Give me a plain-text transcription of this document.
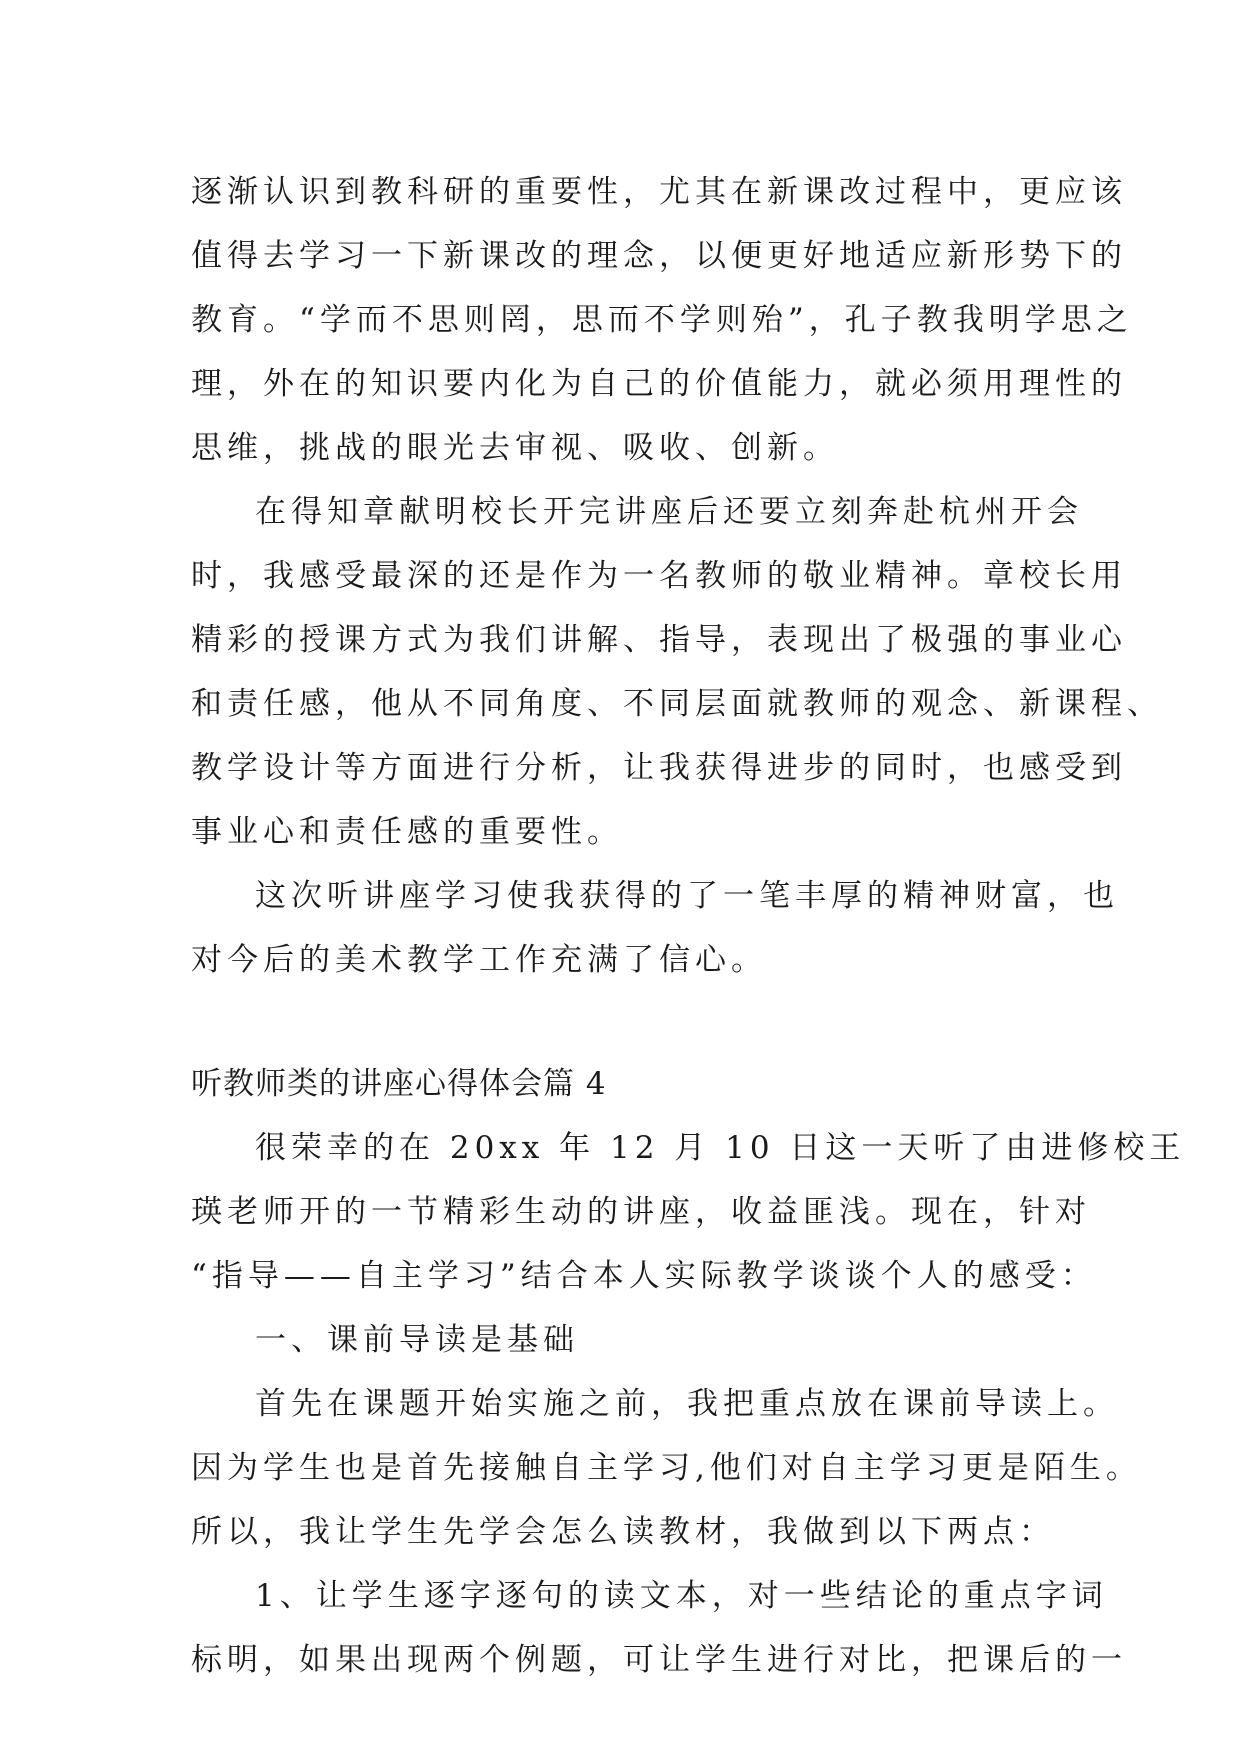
逐渐认识到教科研的重要性，尤其在新课改过程中，更应该
值得去学习一下新课改的理念，以便更好地适应新形势下的
教育。“学而不思则罔，思而不学则殆”，孔子教我明学思之
理，外在的知识要内化为自己的价值能力，就必须用理性的
思维，挑战的眼光去审视、吸收、创新。
在得知章献明校长开完讲座后还要立刻奔赴杭州开会
时，我感受最深的还是作为一名教师的敬业精神。章校长用
精彩的授课方式为我们讲解、指导，表现出了极强的事业心
和责任感，他从不同角度、不同层面就教师的观念、新课程、
教学设计等方面进行分析，让我获得进步的同时，也感受到
事业心和责任感的重要性。
这次听讲座学习使我获得的了一笔丰厚的精神财富，也
对今后的美术教学工作充满了信心。
听教师类的讲座心得体会篇 4
很荣幸的在 20xx 年 12 月 10 日这一天听了由进修校王
瑛老师开的一节精彩生动的讲座，收益匪浅。现在，针对
“指导——自主学习”结合本人实际教学谈谈个人的感受：
一、课前导读是基础
首先在课题开始实施之前，我把重点放在课前导读上。
因为学生也是首先接触自主学习,他们对自主学习更是陌生。
所以，我让学生先学会怎么读教材，我做到以下两点：
1、让学生逐字逐句的读文本，对一些结论的重点字词
标明，如果出现两个例题，可让学生进行对比，把课后的一
